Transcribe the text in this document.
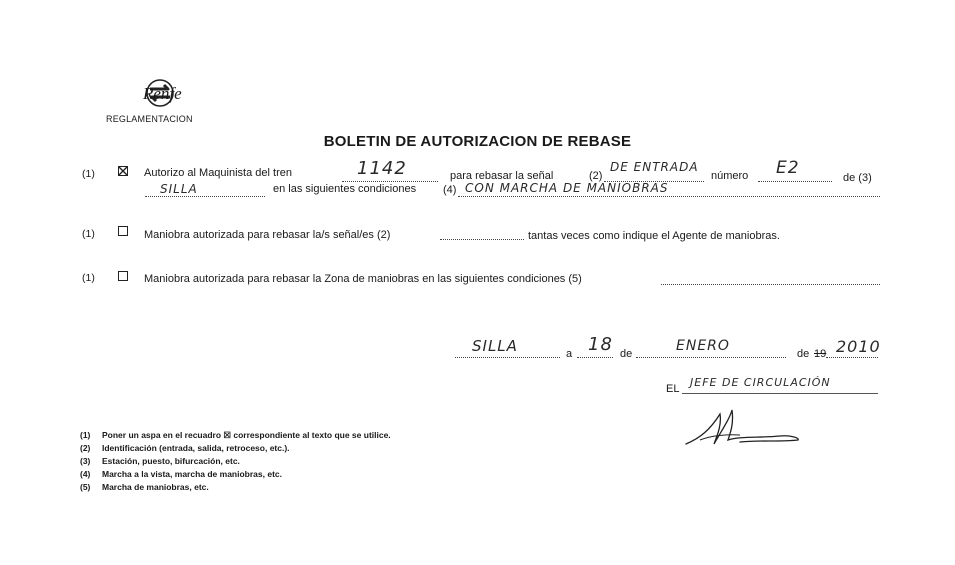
Renfe
REGLAMENTACION
BOLETIN DE AUTORIZACION DE REBASE
(1)	Autorizo al Maquinista del tren	1142	para rebasar la señal	(2)
DE ENTRADA
número E2	de (3)
SILLA	en las siguientes condiciones (4) CON MARCHA DE MANIOBRAS
(1)	Maniobra autorizada para rebasar la/s señal/es (2)	tantas veces como indique el Agente de maniobras.
(1)	Maniobra autorizada para rebasar la Zona de maniobras en las siguientes condiciones (5)
SILLA	a 18 de	ENERO	de 19 2010
EL JEFE DE CIRCULACIÓN
(1) Poner un aspa en el recuadro ☒ correspondiente al texto que se utilice.
(2) Identificación (entrada, salida, retroceso, etc.).
(3) Estación, puesto, bifurcación, etc.
(4) Marcha a la vista, marcha de maniobras, etc.
(5) Marcha de maniobras, etc.
